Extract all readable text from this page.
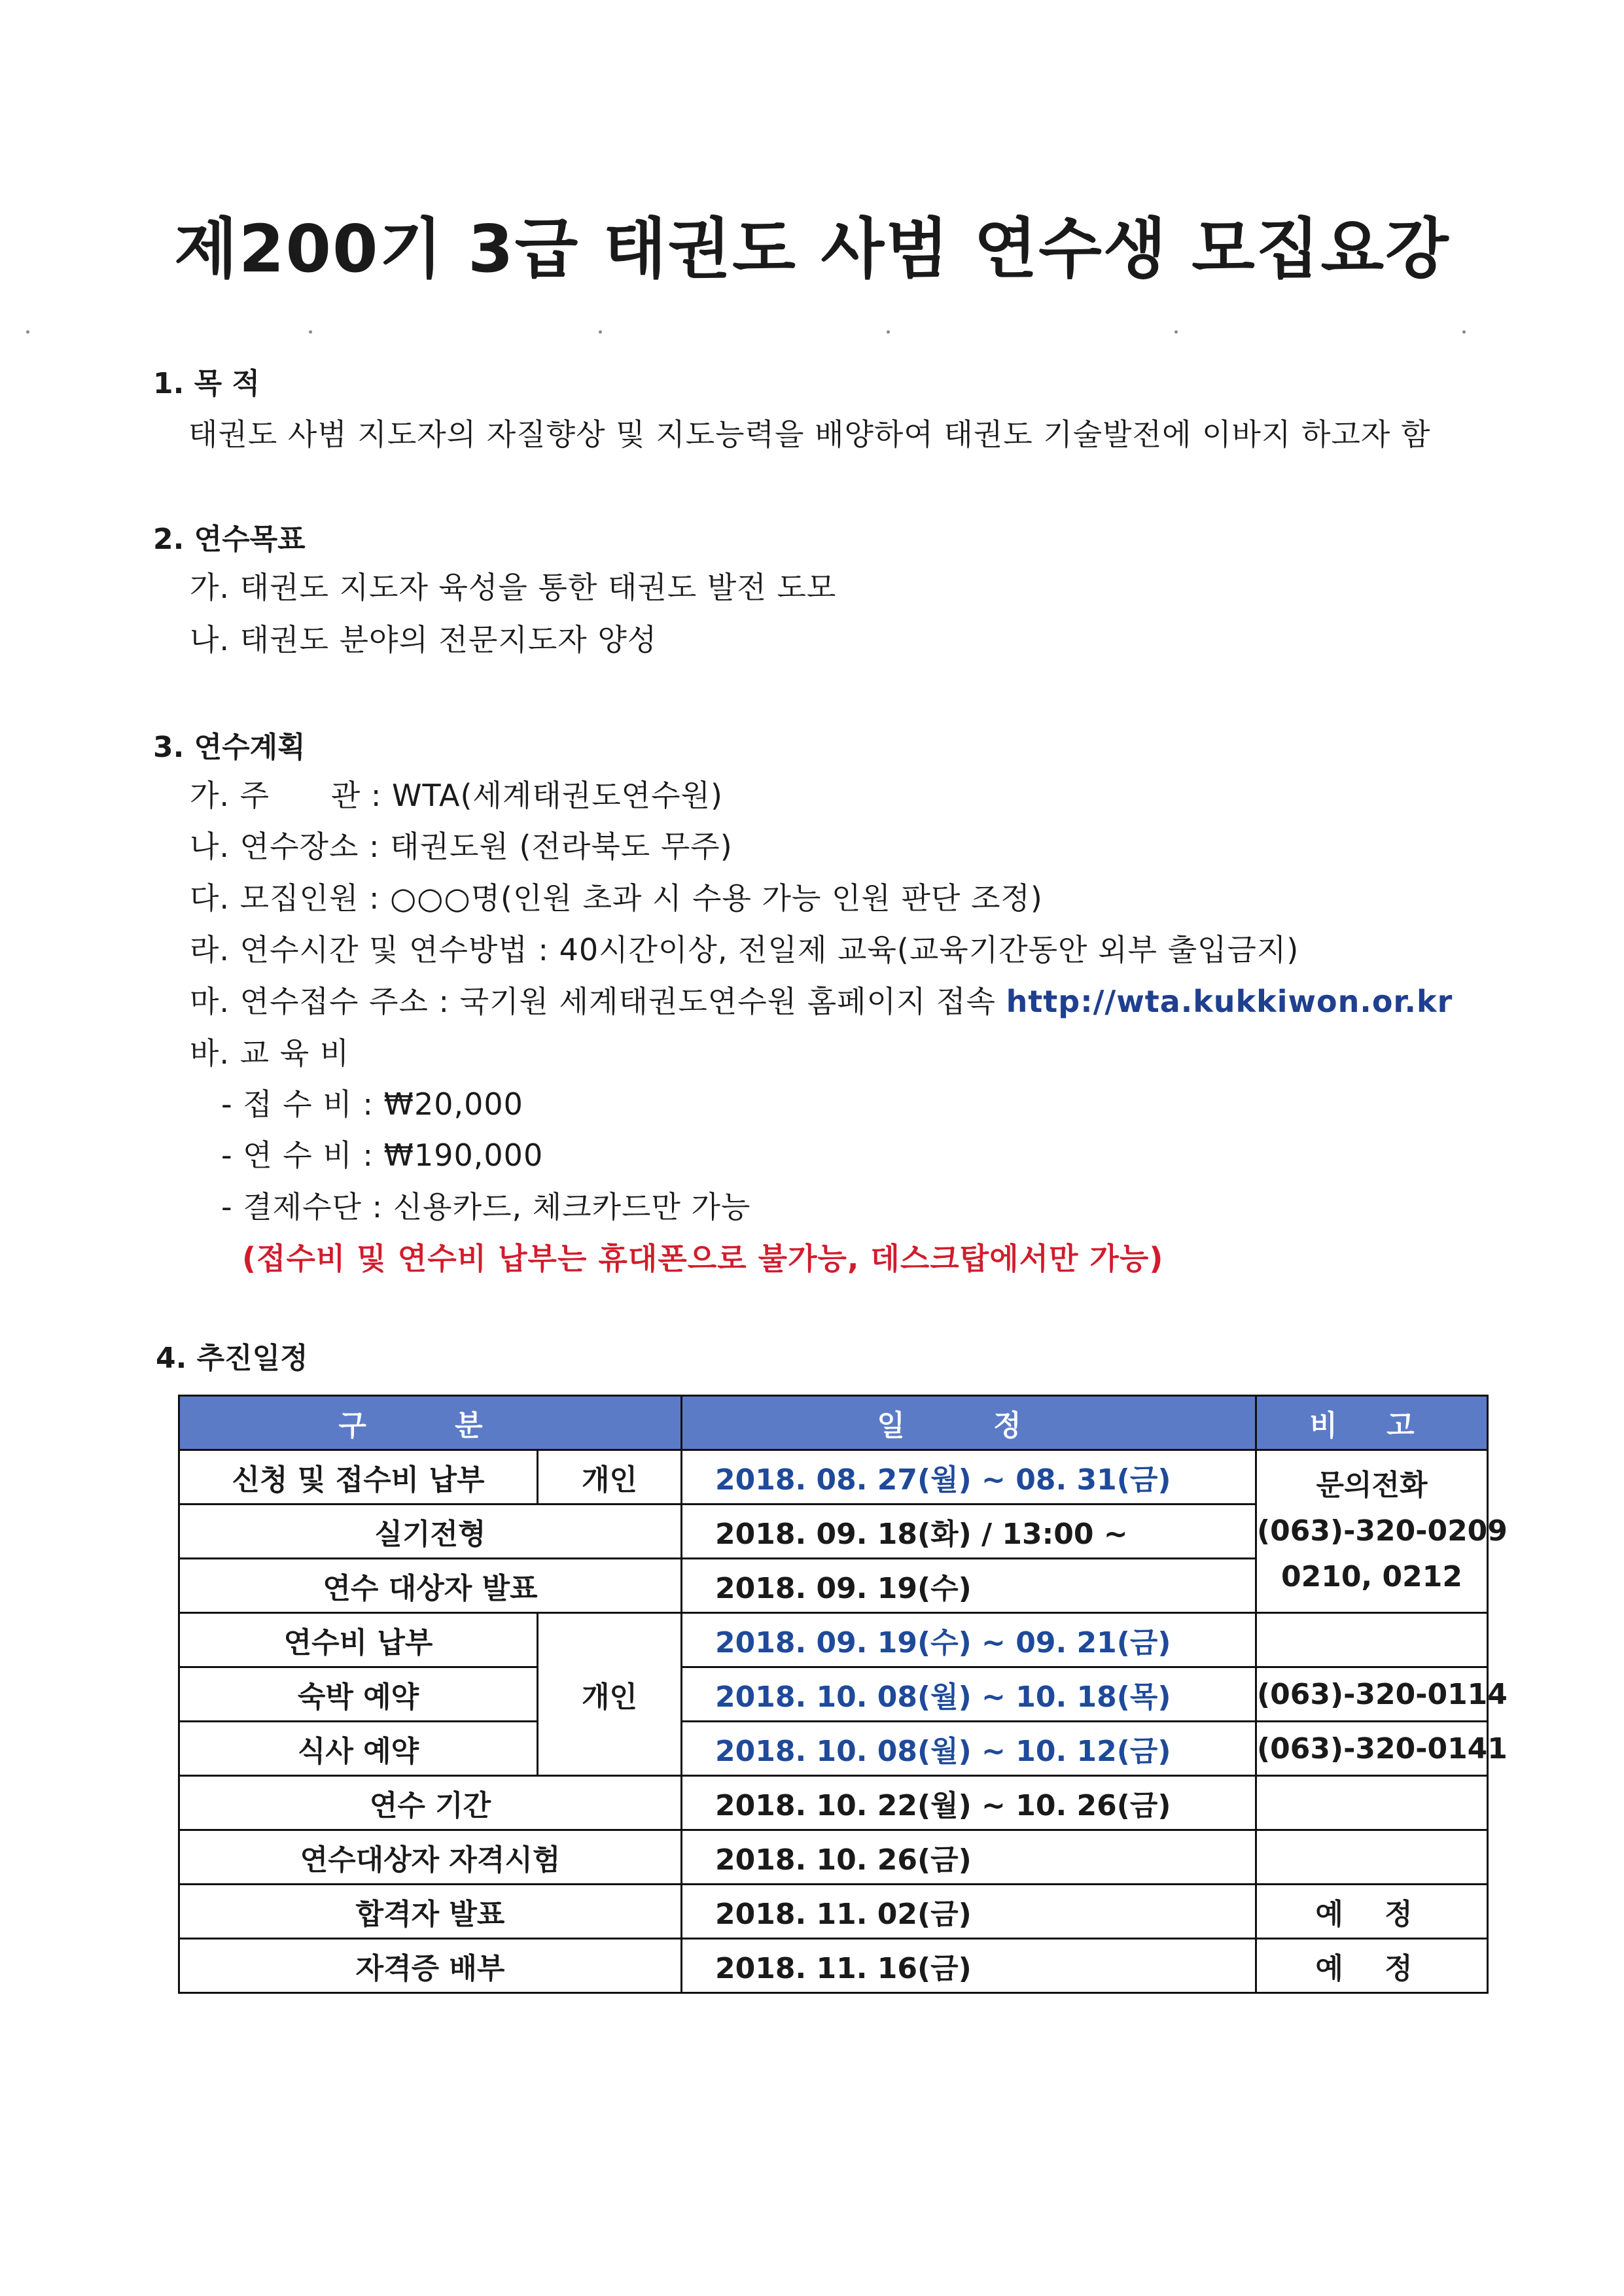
제200기 3급 태권도 사범 연수생 모집요강
1. 목 적
태권도 사범 지도자의 자질향상 및 지도능력을 배양하여 태권도 기술발전에 이바지 하고자 함
2. 연수목표
가. 태권도 지도자 육성을 통한 태권도 발전 도모
나. 태권도 분야의 전문지도자 양성
3. 연수계획
가. 주      관 : WTA(세계태권도연수원)
나. 연수장소 : 태권도원 (전라북도 무주)
다. 모집인원 : ○○○명(인원 초과 시 수용 가능 인원 판단 조정)
라. 연수시간 및 연수방법 : 40시간이상, 전일제 교육(교육기간동안 외부 출입금지)
마. 연수접수 주소 : 국기원 세계태권도연수원 홈페이지 접속 http://wta.kukkiwon.or.kr
바. 교 육 비
- 접 수 비 : ₩20,000
- 연 수 비 : ₩190,000
- 결제수단 : 신용카드, 체크카드만 가능
(접수비 및 연수비 납부는 휴대폰으로 불가능, 데스크탑에서만 가능)
4. 추진일정
구 분		일 정	비 고
신청 및 접수비 납부	개인	2018. 08. 27(월) ~ 08. 31(금)	문의전화
(063)-320-0209
0210, 0212

실기전형		2018. 09. 18(화) / 13:00 ~	
연수 대상자 발표		2018. 09. 19(수)	
연수비 납부	개인	2018. 09. 19(수) ~ 09. 21(금)	
숙박 예약		2018. 10. 08(월) ~ 10. 18(목)	(063)-320-0114
식사 예약		2018. 10. 08(월) ~ 10. 12(금)	(063)-320-0141
연수 기간		2018. 10. 22(월) ~ 10. 26(금)	
연수대상자 자격시험		2018. 10. 26(금)	
합격자 발표		2018. 11. 02(금)	예 정
자격증 배부		2018. 11. 16(금)	예 정
